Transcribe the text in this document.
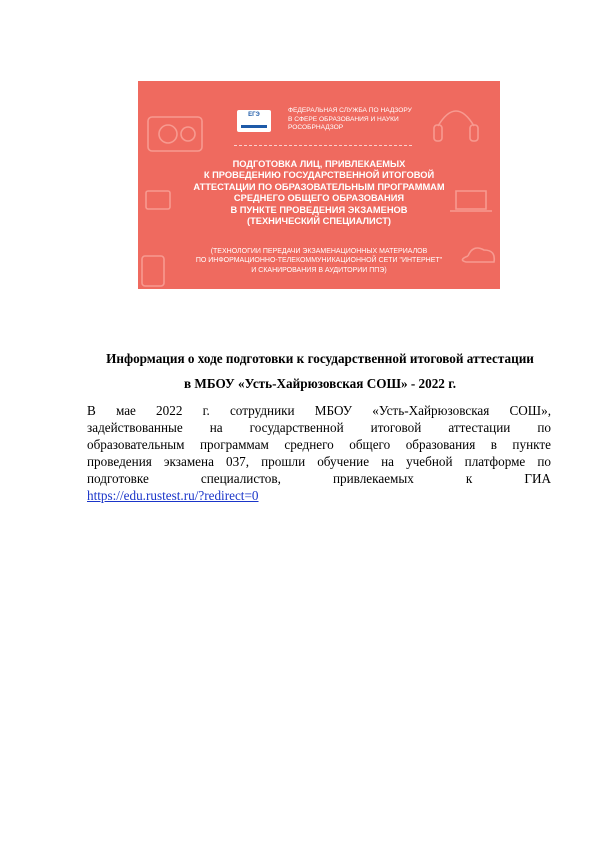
ЕГЭ
ФЕДЕРАЛЬНАЯ СЛУЖБА ПО НАДЗОРУ
В СФЕРЕ ОБРАЗОВАНИЯ И НАУКИ
РОСОБРНАДЗОР
ПОДГОТОВКА ЛИЦ, ПРИВЛЕКАЕМЫХ
К ПРОВЕДЕНИЮ ГОСУДАРСТВЕННОЙ ИТОГОВОЙ
АТТЕСТАЦИИ ПО ОБРАЗОВАТЕЛЬНЫМ ПРОГРАММАМ
СРЕДНЕГО ОБЩЕГО ОБРАЗОВАНИЯ
В ПУНКТЕ ПРОВЕДЕНИЯ ЭКЗАМЕНОВ
(ТЕХНИЧЕСКИЙ СПЕЦИАЛИСТ)
(ТЕХНОЛОГИИ ПЕРЕДАЧИ ЭКЗАМЕНАЦИОННЫХ МАТЕРИАЛОВ
ПО ИНФОРМАЦИОННО-ТЕЛЕКОММУНИКАЦИОННОЙ СЕТИ "ИНТЕРНЕТ"
И СКАНИРОВАНИЯ В АУДИТОРИИ ППЭ)
Информация о ходе подготовки к государственной итоговой аттестации
в МБОУ «Усть-Хайрюзовская СОШ» - 2022 г.
В мае 2022 г. сотрудники МБОУ «Усть-Хайрюзовская СОШ»,
задействованные на государственной итоговой аттестации по
образовательным программам среднего общего образования в пункте
проведения экзамена 037, прошли обучение на учебной платформе по
подготовке специалистов, привлекаемых к ГИА
https://edu.rustest.ru/?redirect=0
